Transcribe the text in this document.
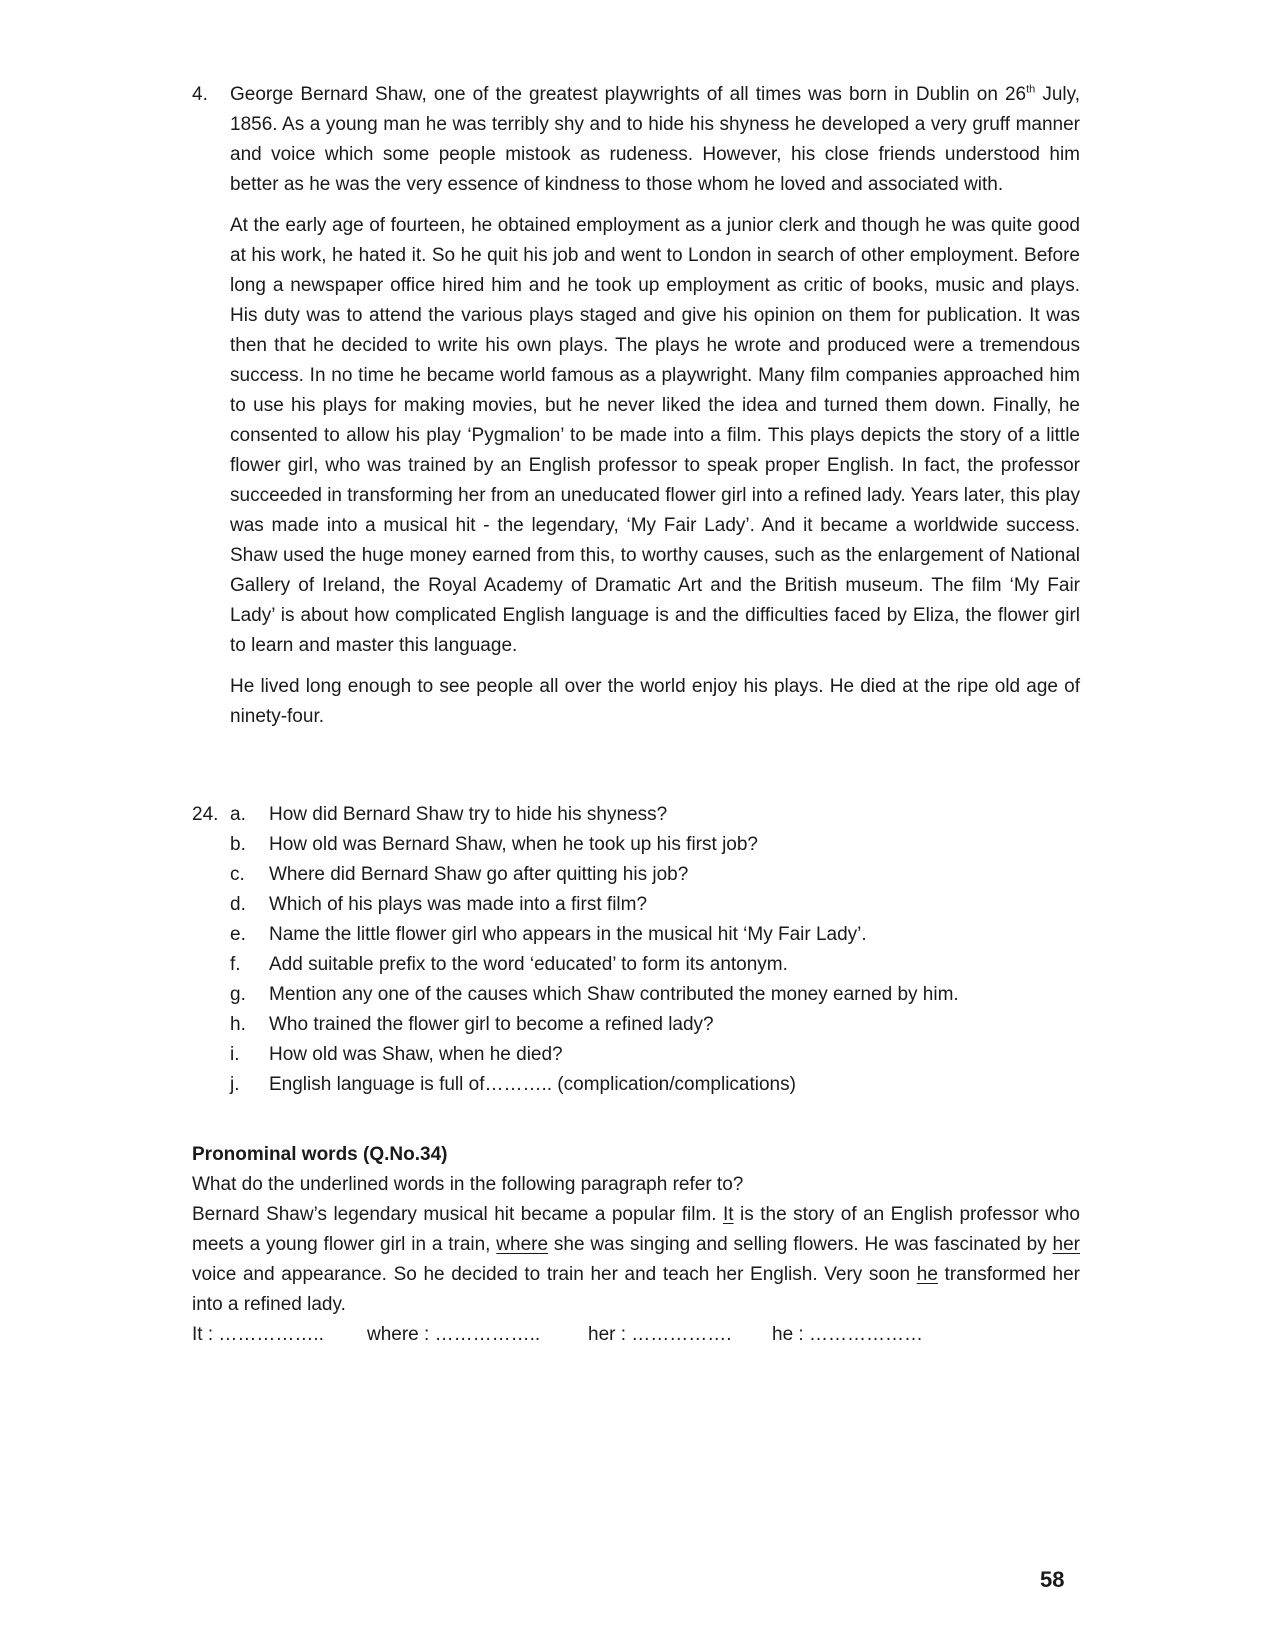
4. George Bernard Shaw, one of the greatest playwrights of all times was born in Dublin on 26th July, 1856. As a young man he was terribly shy and to hide his shyness he developed a very gruff manner and voice which some people mistook as rudeness. However, his close friends understood him better as he was the very essence of kindness to those whom he loved and associated with.

At the early age of fourteen, he obtained employment as a junior clerk and though he was quite good at his work, he hated it. So he quit his job and went to London in search of other employment. Before long a newspaper office hired him and he took up employment as critic of books, music and plays. His duty was to attend the various plays staged and give his opinion on them for publication. It was then that he decided to write his own plays. The plays he wrote and produced were a tremendous success. In no time he became world famous as a playwright. Many film companies approached him to use his plays for making movies, but he never liked the idea and turned them down. Finally, he consented to allow his play ‘Pygmalion’ to be made into a film. This plays depicts the story of a little flower girl, who was trained by an English professor to speak proper English. In fact, the professor succeeded in transforming her from an uneducated flower girl into a refined lady. Years later, this play was made into a musical hit - the legendary, ‘My Fair Lady’. And it became a worldwide success. Shaw used the huge money earned from this, to worthy causes, such as the enlargement of National Gallery of Ireland, the Royal Academy of Dramatic Art and the British museum. The film ‘My Fair Lady’ is about how complicated English language is and the difficulties faced by Eliza, the flower girl to learn and master this language.

He lived long enough to see people all over the world enjoy his plays. He died at the ripe old age of ninety-four.

24. a. How did Bernard Shaw try to hide his shyness?
b. How old was Bernard Shaw, when he took up his first job?
c. Where did Bernard Shaw go after quitting his job?
d. Which of his plays was made into a first film?
e. Name the little flower girl who appears in the musical hit ‘My Fair Lady’.
f. Add suitable prefix to the word ‘educated’ to form its antonym.
g. Mention any one of the causes which Shaw contributed the money earned by him.
h. Who trained the flower girl to become a refined lady?
i. How old was Shaw, when he died?
j. English language is full of……….. (complication/complications)

Pronominal words (Q.No.34)

What do the underlined words in the following paragraph refer to?

Bernard Shaw’s legendary musical hit became a popular film. It is the story of an English professor who meets a young flower girl in a train, where she was singing and selling flowers. He was fascinated by her voice and appearance. So he decided to train her and teach her English. Very soon he transformed her into a refined lady.

It : …………….. where : ……………..	her : ……………. he : ………………
58
